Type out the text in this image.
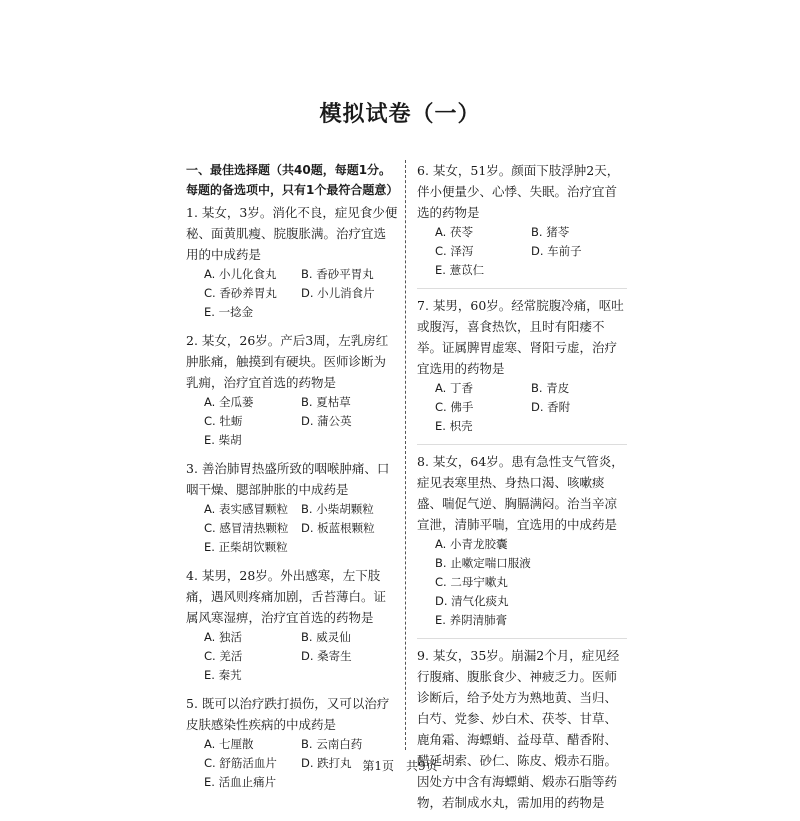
模拟试卷（一）
一、最佳选择题（共40题，每题1分。每题的备选项中，只有1个最符合题意）
1. 某女，3岁。消化不良，症见食少便秘、面黄肌瘦、脘腹胀满。治疗宜选用的中成药是
A. 小儿化食丸	B. 香砂平胃丸
C. 香砂养胃丸	D. 小儿消食片
E. 一捻金
2. 某女，26岁。产后3周，左乳房红肿胀痛，触摸到有硬块。医师诊断为乳痈，治疗宜首选的药物是
A. 全瓜蒌	B. 夏枯草
C. 牡蛎	D. 蒲公英
E. 柴胡
3. 善治肺胃热盛所致的咽喉肿痛、口咽干燥、腮部肿胀的中成药是
A. 表实感冒颗粒	B. 小柴胡颗粒
C. 感冒清热颗粒	D. 板蓝根颗粒
E. 正柴胡饮颗粒
4. 某男，28岁。外出感寒，左下肢痛，遇风则疼痛加剧，舌苔薄白。证属风寒湿痹，治疗宜首选的药物是
A. 独活	B. 威灵仙
C. 羌活	D. 桑寄生
E. 秦艽
5. 既可以治疗跌打损伤，又可以治疗皮肤感染性疾病的中成药是
A. 七厘散	B. 云南白药
C. 舒筋活血片	D. 跌打丸
E. 活血止痛片
6. 某女，51岁。颜面下肢浮肿2天，伴小便量少、心悸、失眠。治疗宜首选的药物是
A. 茯苓	B. 猪苓
C. 泽泻	D. 车前子
E. 薏苡仁
7. 某男，60岁。经常脘腹冷痛，呕吐或腹泻，喜食热饮，且时有阳痿不举。证属脾胃虚寒、肾阳亏虚，治疗宜选用的药物是
A. 丁香	B. 青皮
C. 佛手	D. 香附
E. 枳壳
8. 某女，64岁。患有急性支气管炎，症见表寒里热、身热口渴、咳嗽痰盛、喘促气逆、胸膈满闷。治当辛凉宣泄，清肺平喘，宜选用的中成药是
A. 小青龙胶囊
B. 止嗽定喘口服液
C. 二母宁嗽丸
D. 清气化痰丸
E. 养阴清肺膏
9. 某女，35岁。崩漏2个月，症见经行腹痛、腹胀食少、神疲乏力。医师诊断后，给予处方为熟地黄、当归、白芍、党参、炒白术、茯苓、甘草、鹿角霜、海螵蛸、益母草、醋香附、醋延胡索、砂仁、陈皮、煅赤石脂。因处方中含有海螵蛸、煅赤石脂等药物，若制成水丸，需加用的药物是
第1页　共9页
